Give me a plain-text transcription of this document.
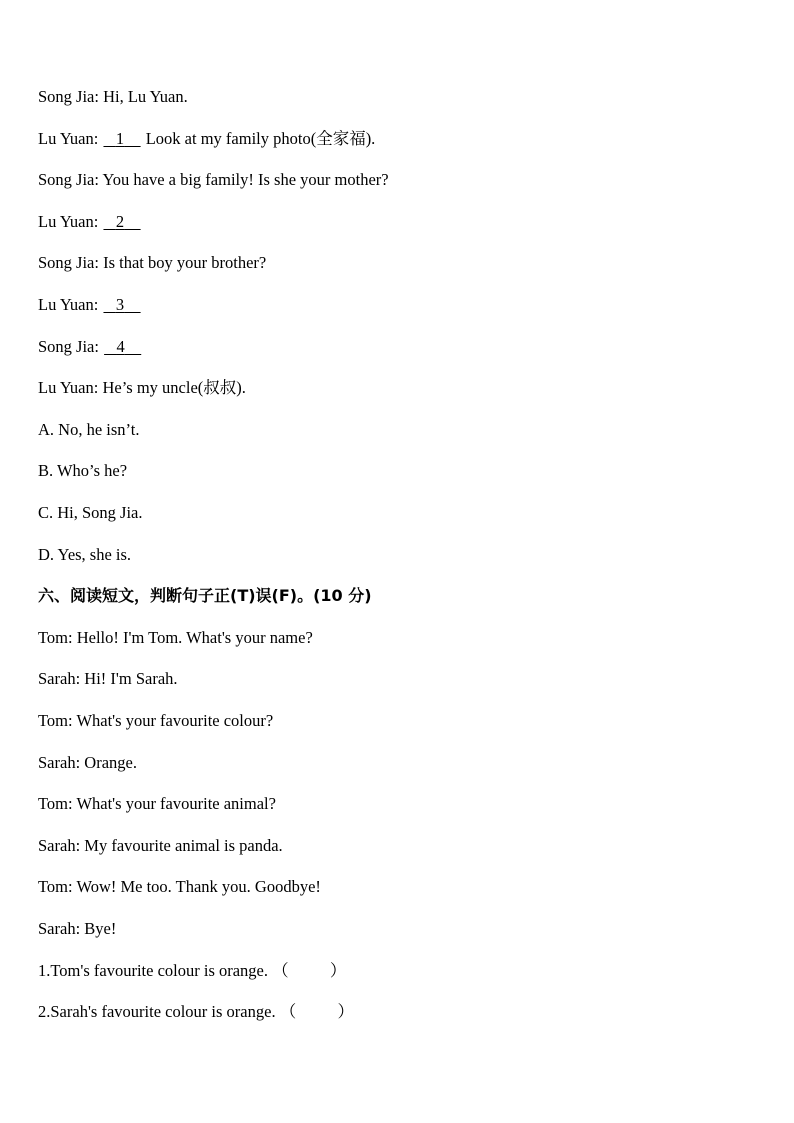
Song Jia: Hi, Lu Yuan.
Lu Yuan: 1 Look at my family photo(全家福).
Song Jia: You have a big family! Is she your mother?
Lu Yuan: 2
Song Jia: Is that boy your brother?
Lu Yuan: 3
Song Jia: 4
Lu Yuan: He’s my uncle(叔叔).
A. No, he isn’t.
B. Who’s he?
C. Hi, Song Jia.
D. Yes, she is.
六、阅读短文，判断句子正(T)误(F)。(10 分)
Tom: Hello! I'm Tom. What's your name?
Sarah: Hi! I'm Sarah.
Tom: What's your favourite colour?
Sarah: Orange.
Tom: What's your favourite animal?
Sarah: My favourite animal is panda.
Tom: Wow! Me too. Thank you. Goodbye!
Sarah: Bye!
1.Tom's favourite colour is orange. （          ）
2.Sarah's favourite colour is orange. （          ）
